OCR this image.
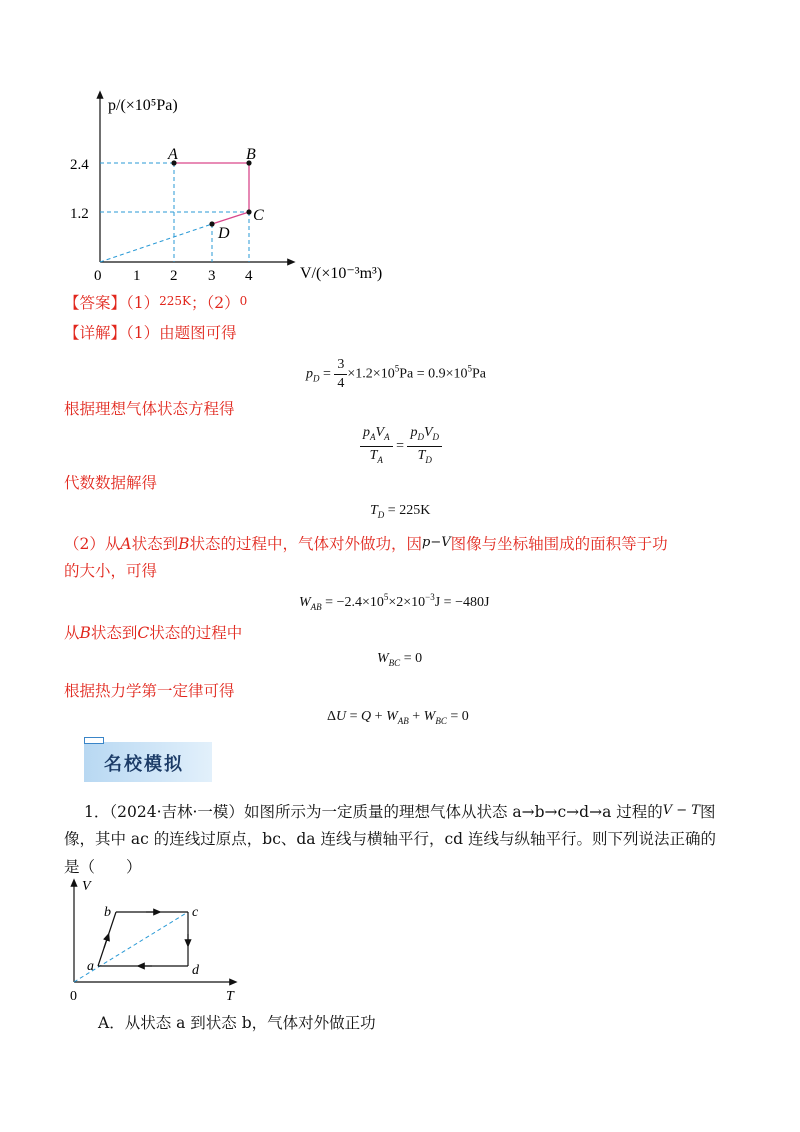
A	B
C
D
2.4
1.2
0 1 2 3 4
p/(×10⁵Pa)
V/(×10⁻³m³)
【答案】（1）225K；（2）0
【详解】（1）由题图可得
$p_D = \frac{3}{4} \times 1.2\times 10^5Pa = 0.9\times 10^5Pa$
根据理想气体状态方程得
$\frac{p_AV_A}{T_A} = \frac{p_DV_D}{T_D}$
代数数据解得
$T_D = 225K$
（2）从A状态到B状态的过程中，气体对外做功，因p−V图像与坐标轴围成的面积等于功
的大小，可得
$W_{AB} = -2.4\times 10^5\times 2\times 10^{-3}J = -480J$
从B状态到C状态的过程中
$W_{BC} = 0$
根据热力学第一定律可得
$\Delta U = Q + W_{AB} + W_{BC} = 0$
名校模拟
1．（2024·吉林·一模）如图所示为一定质量的理想气体从状态 a→b→c→d→a 过程的V − T图
像，其中 ac 的连线过原点，bc、da 连线与横轴平行，cd 连线与纵轴平行。则下列说法正确的
是（　　）
V
T
0
a
b	c
d
A．从状态 a 到状态 b，气体对外做正功
